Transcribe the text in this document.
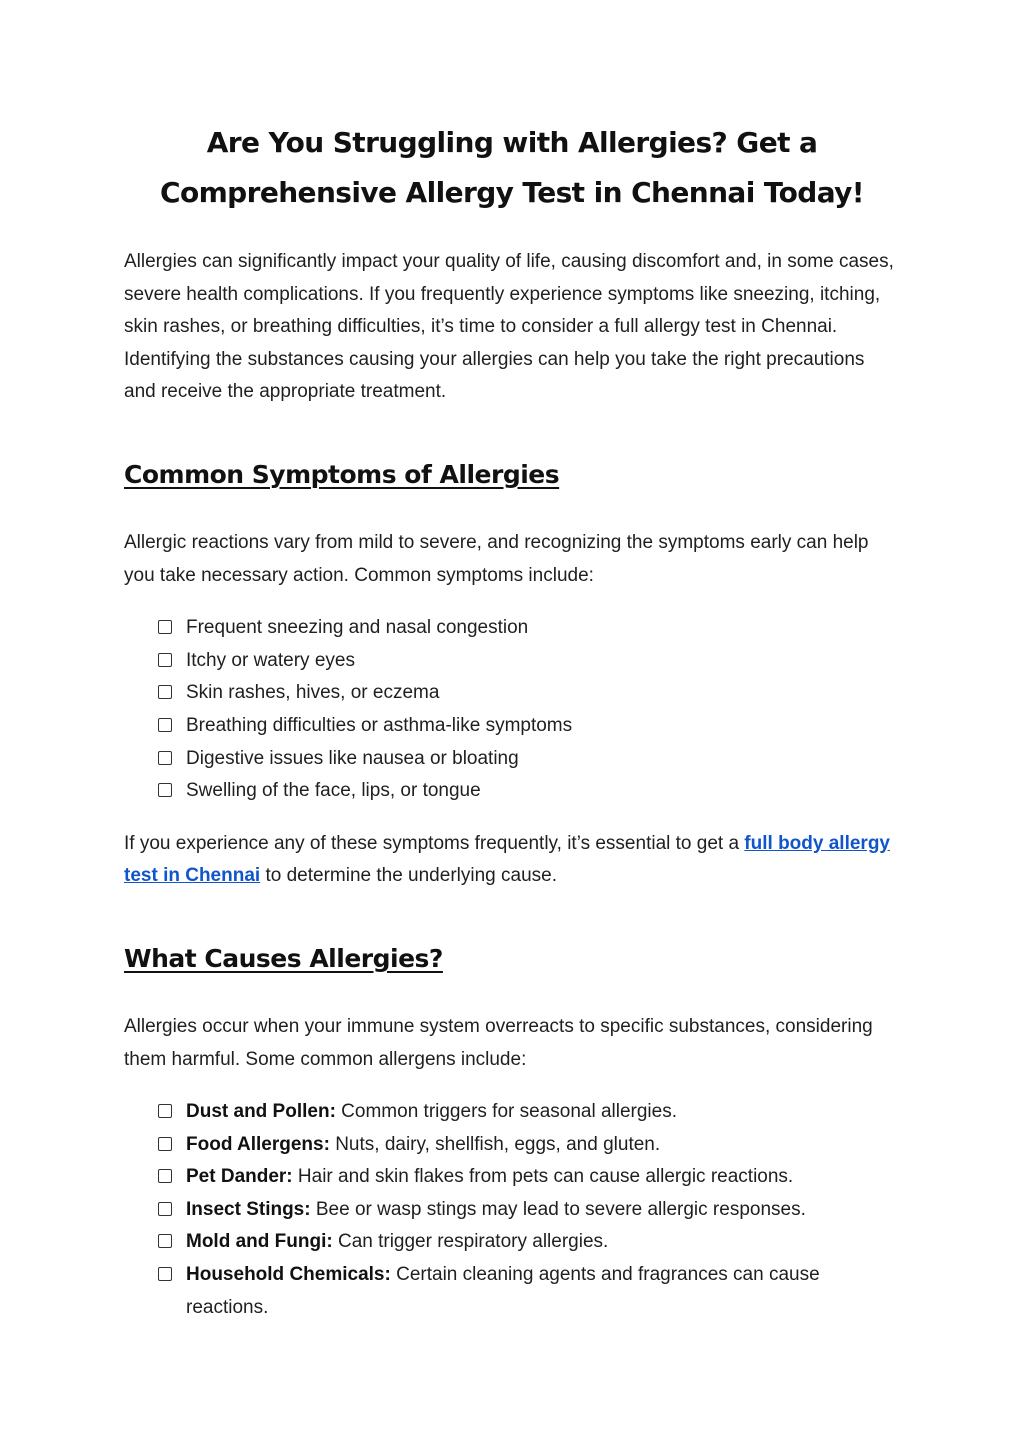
Are You Struggling with Allergies? Get a Comprehensive Allergy Test in Chennai Today!

Allergies can significantly impact your quality of life, causing discomfort and, in some cases, severe health complications. If you frequently experience symptoms like sneezing, itching, skin rashes, or breathing difficulties, it’s time to consider a full allergy test in Chennai. Identifying the substances causing your allergies can help you take the right precautions and receive the appropriate treatment.

Common Symptoms of Allergies

Allergic reactions vary from mild to severe, and recognizing the symptoms early can help you take necessary action. Common symptoms include:

Frequent sneezing and nasal congestion
Itchy or watery eyes
Skin rashes, hives, or eczema
Breathing difficulties or asthma-like symptoms
Digestive issues like nausea or bloating
Swelling of the face, lips, or tongue

If you experience any of these symptoms frequently, it’s essential to get a full body allergy test in Chennai to determine the underlying cause.

What Causes Allergies?

Allergies occur when your immune system overreacts to specific substances, considering them harmful. Some common allergens include:

Dust and Pollen: Common triggers for seasonal allergies.
Food Allergens: Nuts, dairy, shellfish, eggs, and gluten.
Pet Dander: Hair and skin flakes from pets can cause allergic reactions.
Insect Stings: Bee or wasp stings may lead to severe allergic responses.
Mold and Fungi: Can trigger respiratory allergies.
Household Chemicals: Certain cleaning agents and fragrances can cause reactions.
